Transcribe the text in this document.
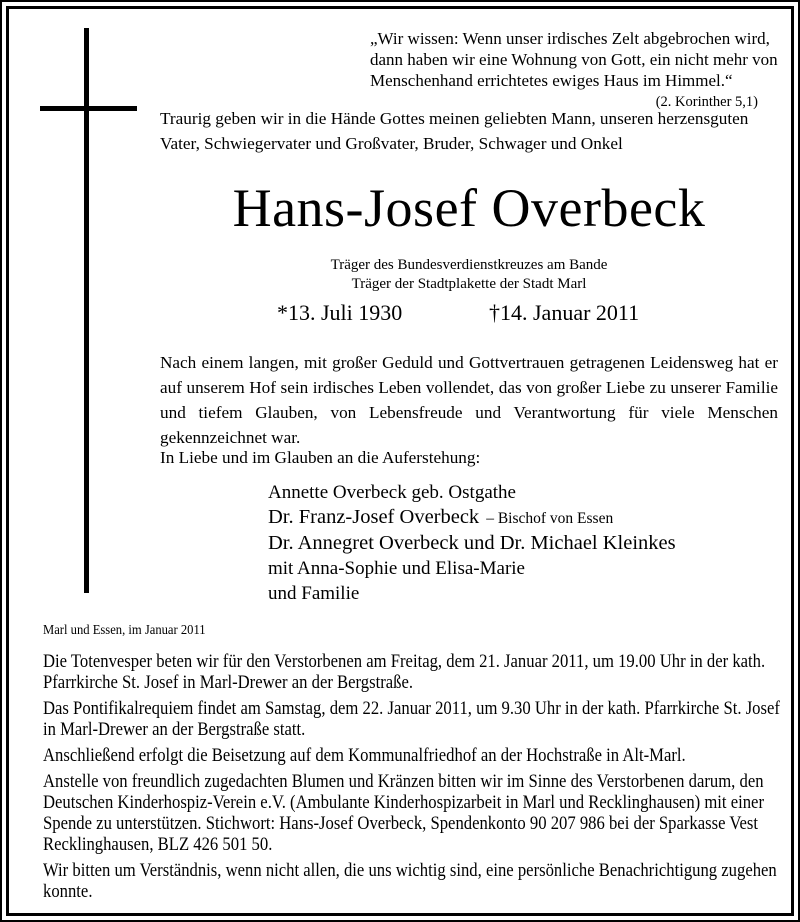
„Wir wissen: Wenn unser irdisches Zelt abgebrochen wird,
dann haben wir eine Wohnung von Gott, ein nicht mehr von
Menschenhand errichtetes ewiges Haus im Himmel.“
(2. Korinther 5,1)

Traurig geben wir in die Hände Gottes meinen geliebten Mann, unseren herzensguten Vater, Schwiegervater und Großvater, Bruder, Schwager und Onkel

Hans-Josef Overbeck
Träger des Bundesverdienstkreuzes am Bande
Träger der Stadtplakette der Stadt Marl
*13. Juli 1930	†14. Januar 2011

Nach einem langen, mit großer Geduld und Gottvertrauen getragenen Leidensweg hat er auf unserem Hof sein irdisches Leben vollendet, das von großer Liebe zu unserer Familie und tiefem Glauben, von Lebensfreude und Verantwortung für viele Menschen gekennzeichnet war.

In Liebe und im Glauben an die Auferstehung:

Annette Overbeck geb. Ostgathe
Dr. Franz-Josef Overbeck – Bischof von Essen
Dr. Annegret Overbeck und Dr. Michael Kleinkes
mit Anna-Sophie und Elisa-Marie
und Familie

Marl und Essen, im Januar 2011

Die Totenvesper beten wir für den Verstorbenen am Freitag, dem 21. Januar 2011, um 19.00 Uhr in der kath. Pfarrkirche St. Josef in Marl-Drewer an der Bergstraße.

Das Pontifikalrequiem findet am Samstag, dem 22. Januar 2011, um 9.30 Uhr in der kath. Pfarrkirche St. Josef in Marl-Drewer an der Bergstraße statt.

Anschließend erfolgt die Beisetzung auf dem Kommunalfriedhof an der Hochstraße in Alt-Marl.

Anstelle von freundlich zugedachten Blumen und Kränzen bitten wir im Sinne des Verstorbenen darum, den Deutschen Kinderhospiz-Verein e.V. (Ambulante Kinderhospizarbeit in Marl und Recklinghausen) mit einer Spende zu unterstützen. Stichwort: Hans-Josef Overbeck, Spendenkonto 90 207 986 bei der Sparkasse Vest Recklinghausen, BLZ 426 501 50.

Wir bitten um Verständnis, wenn nicht allen, die uns wichtig sind, eine persönliche Benachrichtigung zugehen konnte.
